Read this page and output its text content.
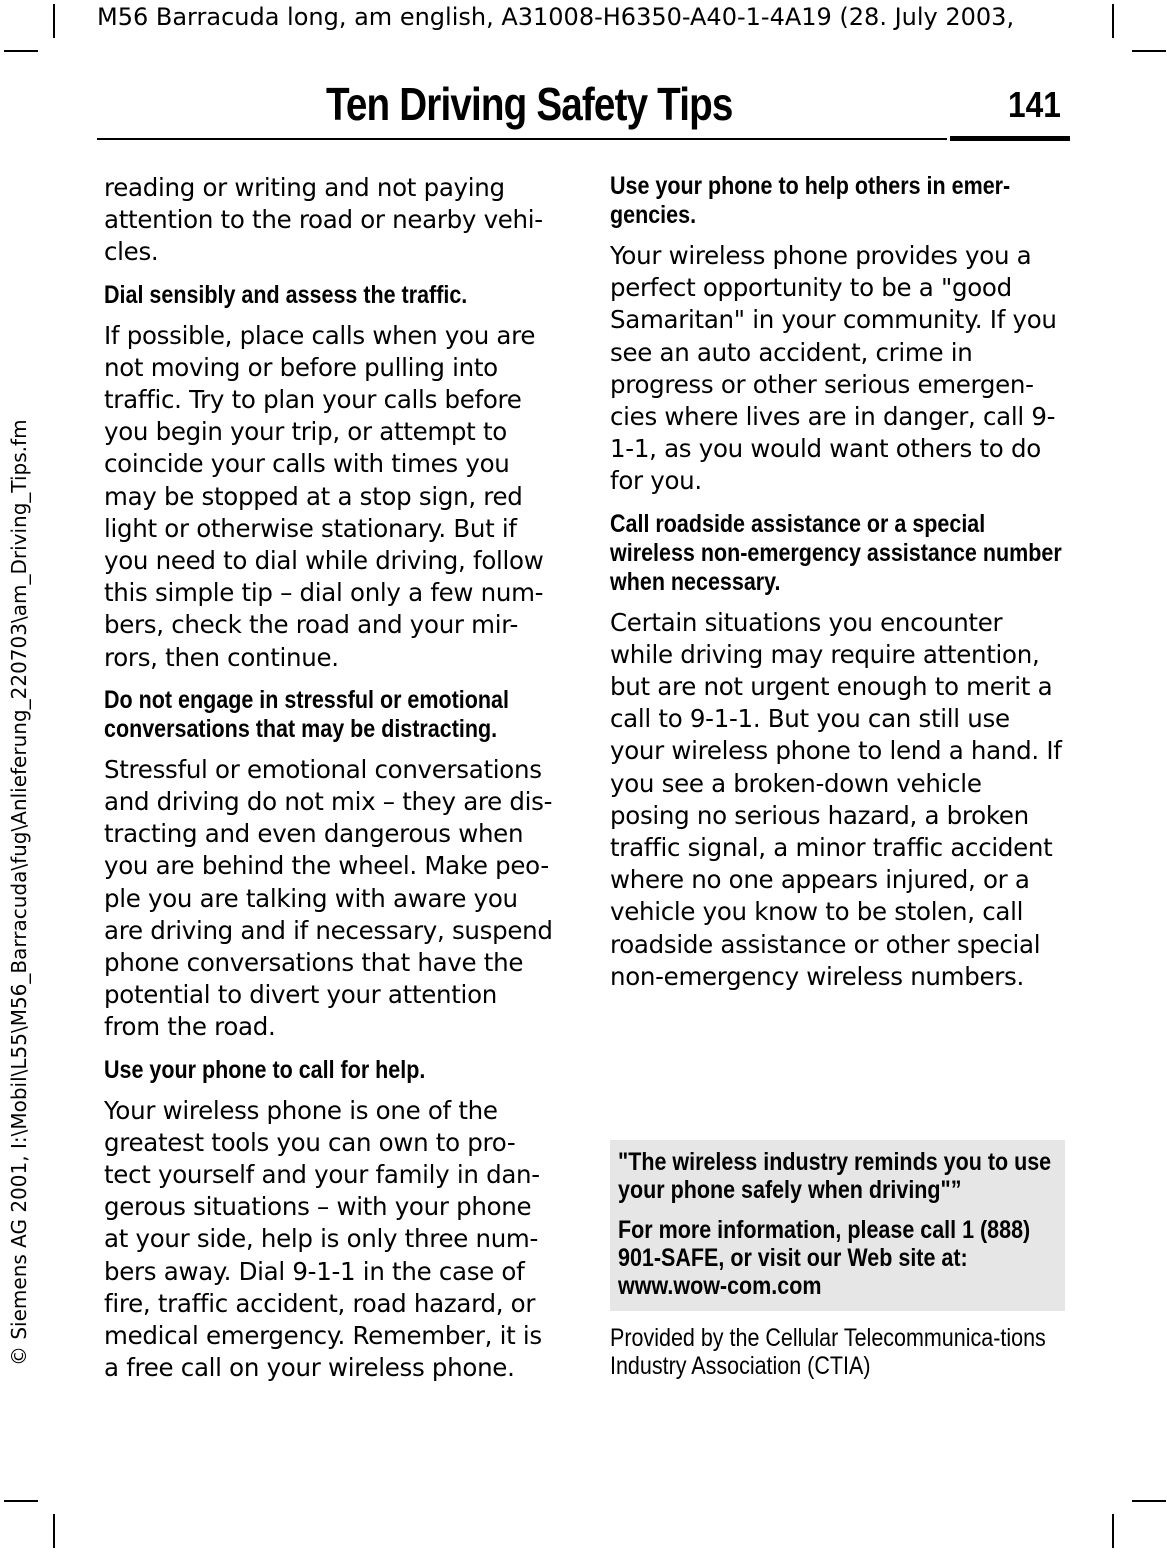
M56 Barracuda long, am english, A31008-H6350-A40-1-4A19 (28. July 2003,
© Siemens AG 2001, I:\Mobil\L55\M56_Barracuda\fug\Anlieferung_220703\am_Driving_Tips.fm
Ten Driving Safety Tips	141

reading or writing and not paying attention to the road or nearby vehi-cles.

Dial sensibly and assess the traffic.

If possible, place calls when you are not moving or before pulling into traffic. Try to plan your calls before you begin your trip, or attempt to coincide your calls with times you may be stopped at a stop sign, red light or otherwise stationary. But if you need to dial while driving, follow this simple tip – dial only a few num-bers, check the road and your mir-rors, then continue.

Do not engage in stressful or emotional conversations that may be distracting.

Stressful or emotional conversations and driving do not mix – they are dis-tracting and even dangerous when you are behind the wheel. Make peo-ple you are talking with aware you are driving and if necessary, suspend phone conversations that have the potential to divert your attention from the road.

Use your phone to call for help.

Your wireless phone is one of the greatest tools you can own to pro-tect yourself and your family in dan-gerous situations – with your phone at your side, help is only three num-bers away. Dial 9-1-1 in the case of fire, traffic accident, road hazard, or medical emergency. Remember, it is a free call on your wireless phone.

Use your phone to help others in emer-gencies.

Your wireless phone provides you a perfect opportunity to be a "good Samaritan" in your community. If you see an auto accident, crime in progress or other serious emergen-cies where lives are in danger, call 9-1-1, as you would want others to do for you.

Call roadside assistance or a special wireless non-emergency assistance number when necessary.

Certain situations you encounter while driving may require attention, but are not urgent enough to merit a call to 9-1-1. But you can still use your wireless phone to lend a hand. If you see a broken-down vehicle posing no serious hazard, a broken traffic signal, a minor traffic accident where no one appears injured, or a vehicle you know to be stolen, call roadside assistance or other special non-emergency wireless numbers.

"The wireless industry reminds you to use your phone safely when driving"”

For more information, please call 1 (888) 901-SAFE, or visit our Web site at: www.wow-com.com

Provided by the Cellular Telecommunica-tions Industry Association (CTIA)
